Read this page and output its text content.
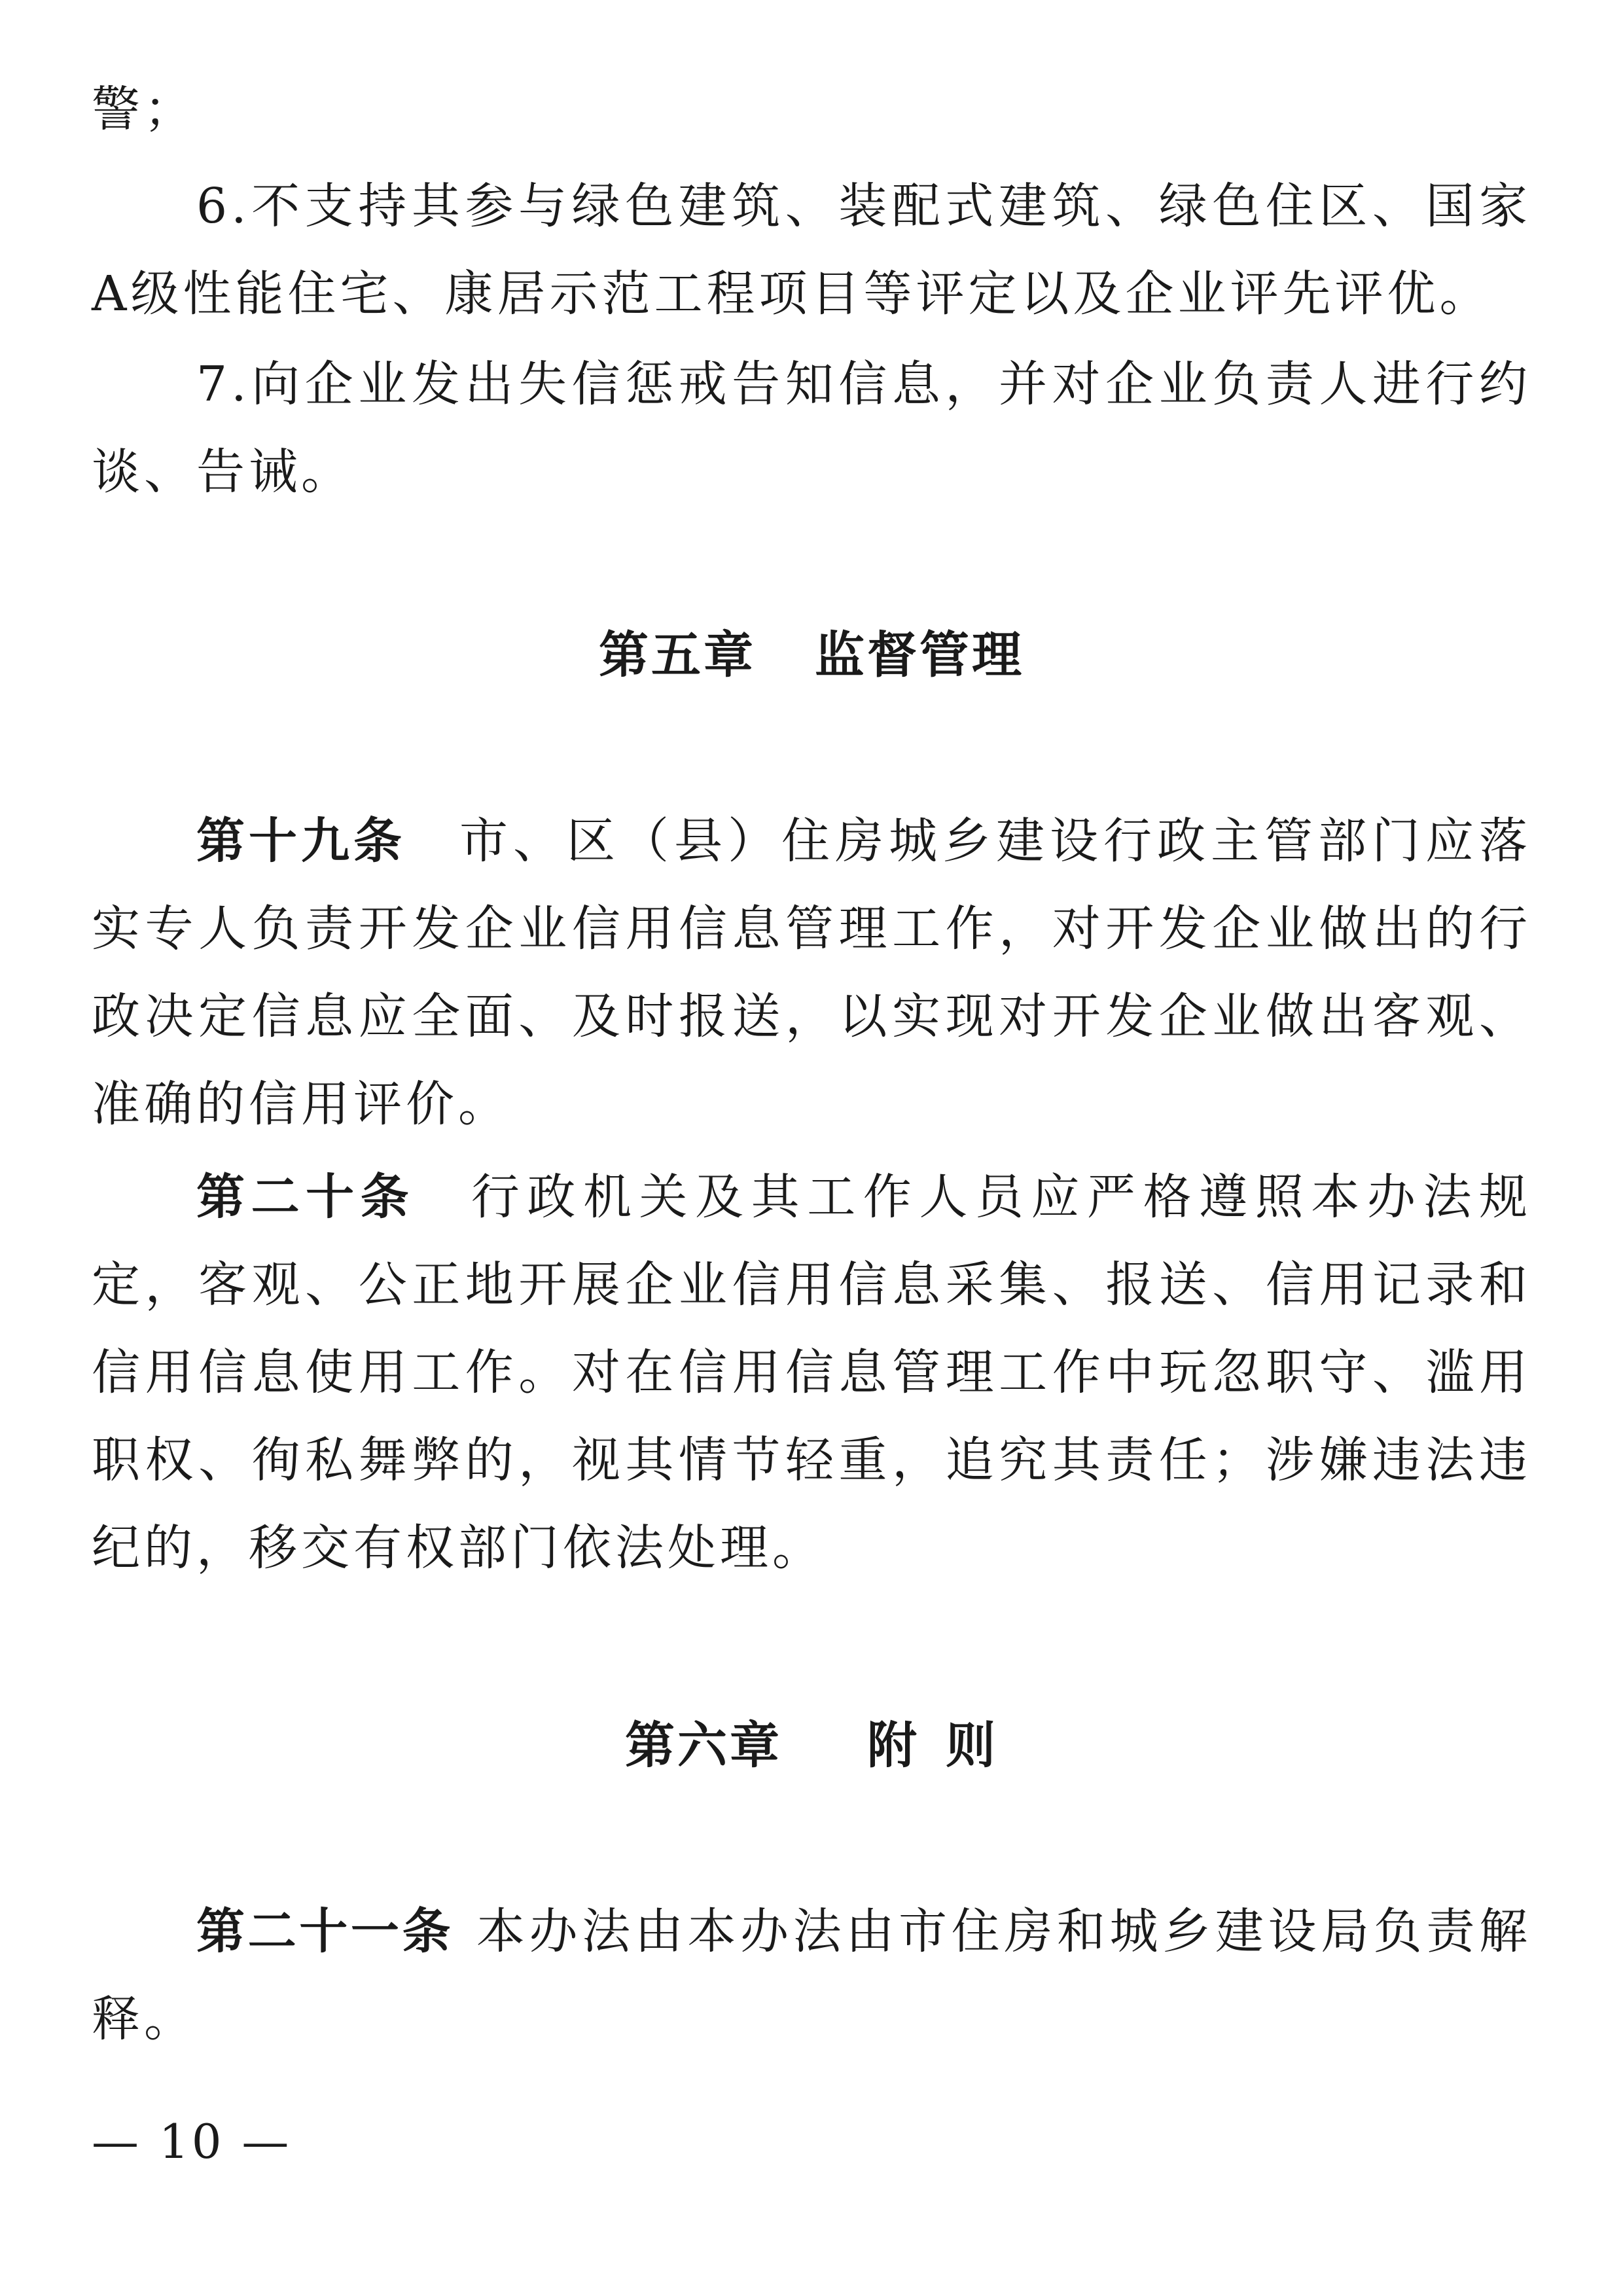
警；

6.不支持其参与绿色建筑、装配式建筑、绿色住区、国家A级性能住宅、康居示范工程项目等评定以及企业评先评优。

7.向企业发出失信惩戒告知信息，并对企业负责人进行约谈、告诫。

第五章 监督管理

第十九条 市、区（县）住房城乡建设行政主管部门应落实专人负责开发企业信用信息管理工作，对开发企业做出的行政决定信息应全面、及时报送，以实现对开发企业做出客观、准确的信用评价。

第二十条 行政机关及其工作人员应严格遵照本办法规定，客观、公正地开展企业信用信息采集、报送、信用记录和信用信息使用工作。对在信用信息管理工作中玩忽职守、滥用职权、徇私舞弊的，视其情节轻重，追究其责任；涉嫌违法违纪的，移交有权部门依法处理。

第六章 附 则

第二十一条 本办法由本办法由市住房和城乡建设局负责解释。

— 10 —
